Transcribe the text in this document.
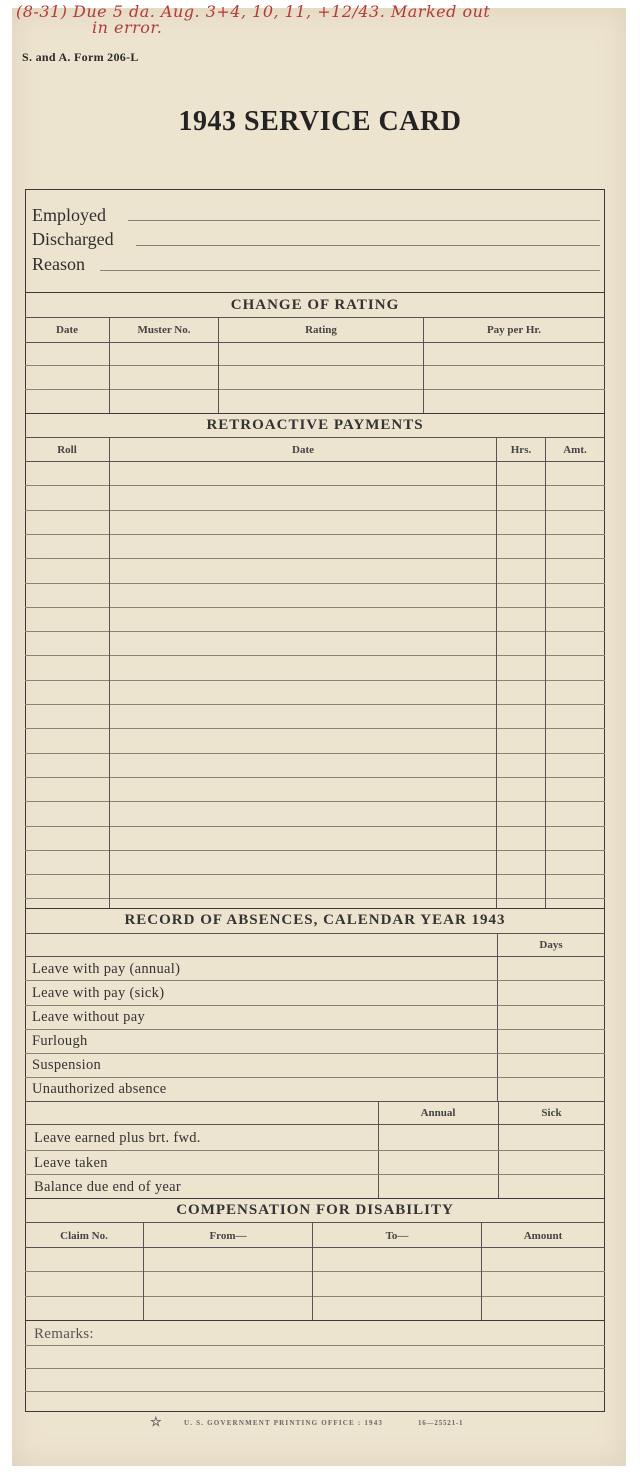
(8-31) Due 5 da. Aug. 3+4, 10, 11, +12/43. Marked out
in error.
S. and A. Form 206-L
1943 SERVICE CARD
Employed
Discharged
Reason
CHANGE OF RATING
Date	Muster No.	Rating	Pay per Hr.
RETROACTIVE PAYMENTS
Roll	Date	Hrs.	Amt.
RECORD OF ABSENCES, CALENDAR YEAR 1943
Days
Leave with pay (annual)
Leave with pay (sick)
Leave without pay
Furlough
Suspension
Unauthorized absence
Annual	Sick
Leave earned plus brt. fwd.
Leave taken
Balance due end of year
COMPENSATION FOR DISABILITY
Claim No.	From—	To—	Amount
Remarks:
☆	U. S. GOVERNMENT PRINTING OFFICE : 1943	16—25521-1
